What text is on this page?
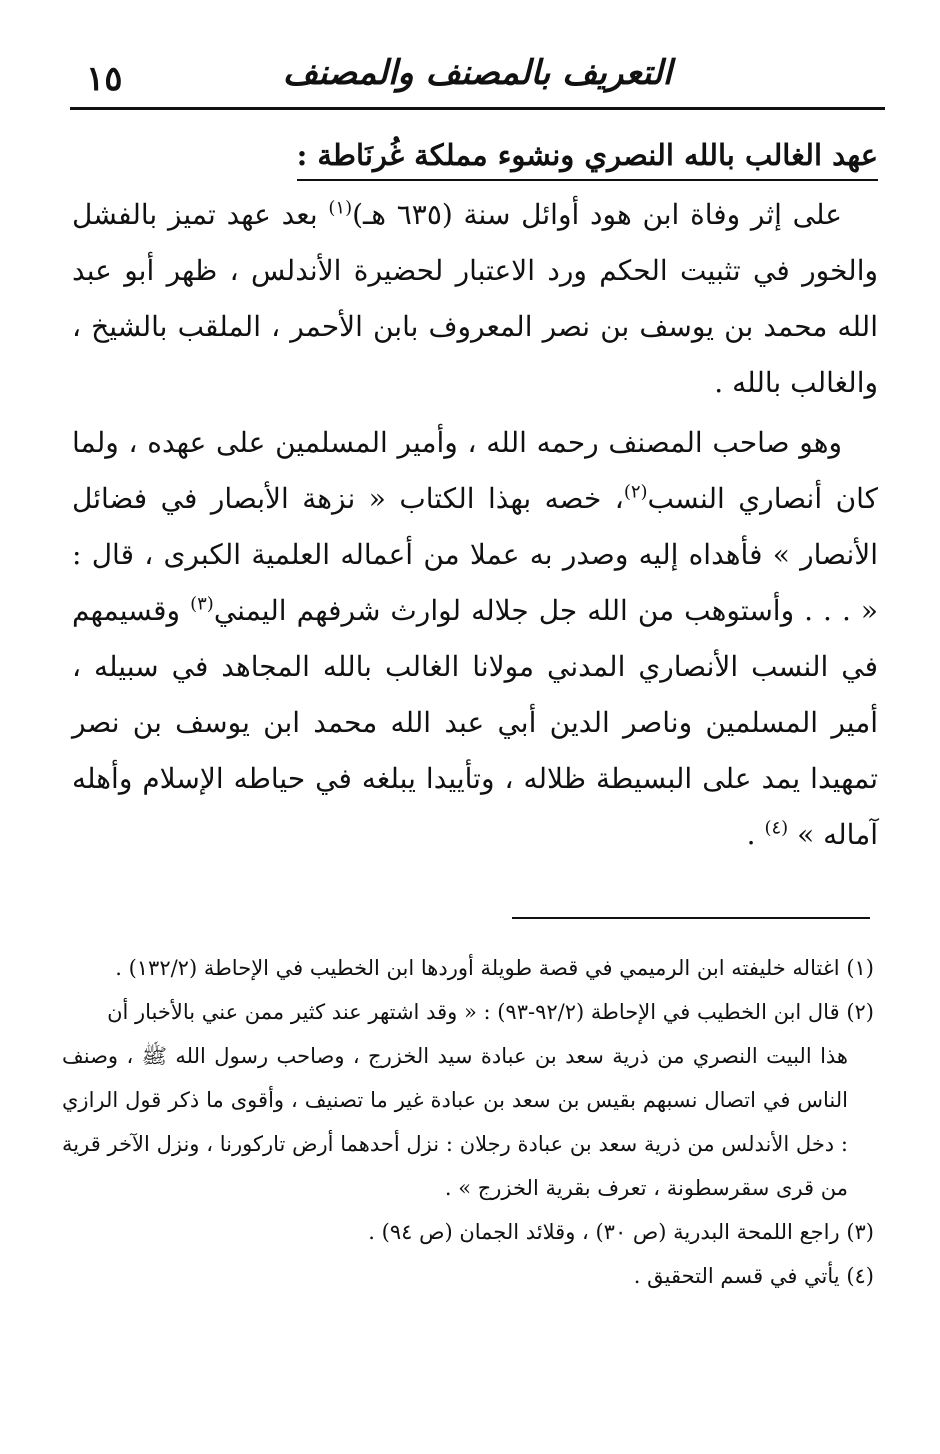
١٥	التعريف بالمصنف والمصنف
عهد الغالب بالله النصري ونشوء مملكة غُرنَاطة :

على إثر وفاة ابن هود أوائل سنة (٦٣٥ هـ)$^{(١)}$ بعد عهد تميز بالفشل والخور في تثبيت الحكم ورد الاعتبار لحضيرة الأندلس ، ظهر أبو عبد الله محمد بن يوسف بن نصر المعروف بابن الأحمر ، الملقب بالشيخ ، والغالب بالله .

وهو صاحب المصنف رحمه الله ، وأمير المسلمين على عهده ، ولما كان أنصاري النسب$^{(٢)}$، خصه بهذا الكتاب « نزهة الأبصار في فضائل الأنصار » فأهداه إليه وصدر به عملا من أعماله العلمية الكبرى ، قال : « . . . وأستوهب من الله جل جلاله لوارث شرفهم اليمني$^{(٣)}$ وقسيمهم في النسب الأنصاري المدني مولانا الغالب بالله المجاهد في سبيله ، أمير المسلمين وناصر الدين أبي عبد الله محمد ابن يوسف بن نصر تمهيدا يمد على البسيطة ظلاله ، وتأييدا يبلغه في حياطه الإسلام وأهله آماله » $^{(٤)}$ .

(١) اغتاله خليفته ابن الرميمي في قصة طويلة أوردها ابن الخطيب في الإحاطة (١٣٢/٢) .

(٢) قال ابن الخطيب في الإحاطة (٩٢/٢-٩٣) : « وقد اشتهر عند كثير ممن عني بالأخبار أن
هذا البيت النصري من ذرية سعد بن عبادة سيد الخزرج ، وصاحب رسول الله ﷺ ، وصنف الناس في اتصال نسبهم بقيس بن سعد بن عبادة غير ما تصنيف ، وأقوى ما ذكر قول الرازي : دخل الأندلس من ذرية سعد بن عبادة رجلان : نزل أحدهما أرض تاركورنا ، ونزل الآخر قرية من قرى سقرسطونة ، تعرف بقرية الخزرج » .

(٣) راجع اللمحة البدرية (ص ٣٠) ، وقلائد الجمان (ص ٩٤) .

(٤) يأتي في قسم التحقيق .
